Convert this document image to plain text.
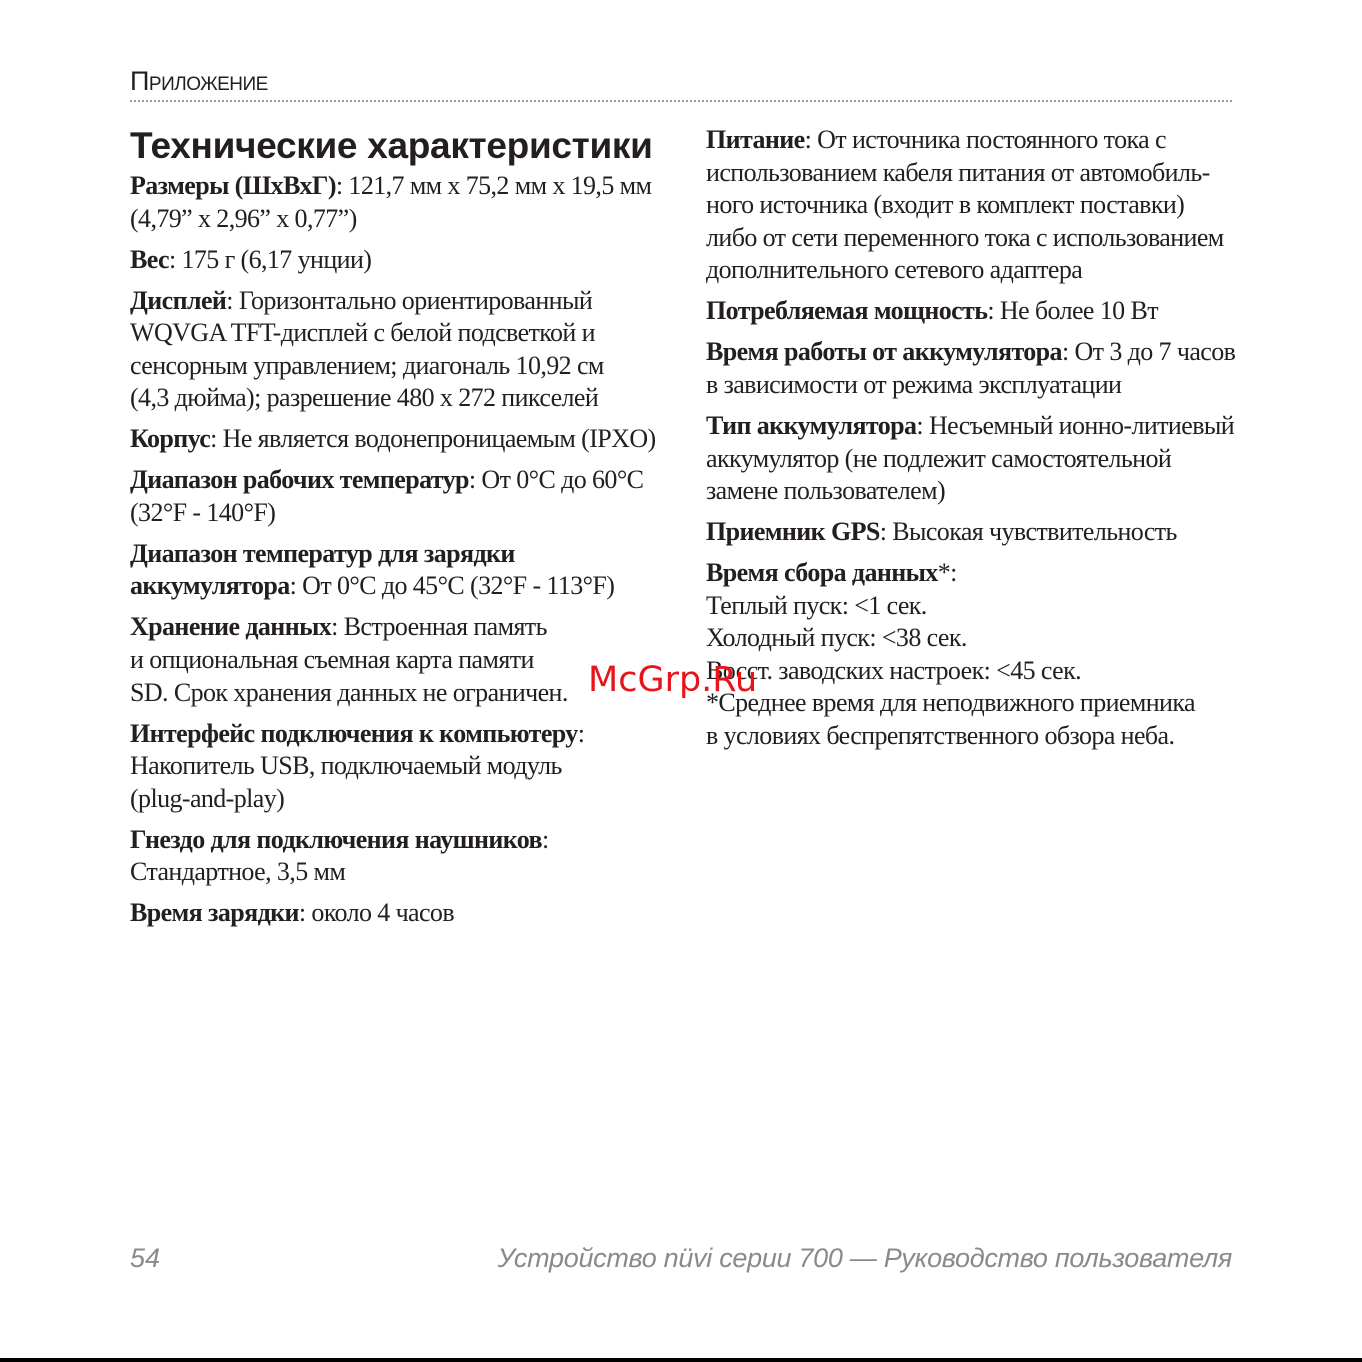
Приложение
Технические характеристики
Размеры (ШхВхГ): 121,7 мм x 75,2 мм x 19,5 мм
(4,79” x 2,96” x 0,77”)
Вес: 175 г (6,17 унции)
Дисплей: Горизонтально ориентированный
WQVGA TFT-дисплей с белой подсветкой и
сенсорным управлением; диагональ 10,92 см
(4,3 дюйма); разрешение 480 x 272 пикселей
Корпус: Не является водонепроницаемым (IPXO)
Диапазон рабочих температур: От 0°C до 60°C
(32°F - 140°F)
Диапазон температур для зарядки
аккумулятора: От 0°C до 45°C (32°F - 113°F)
Хранение данных: Встроенная память
и опциональная съемная карта памяти
SD. Срок хранения данных не ограничен.
Интерфейс подключения к компьютеру:
Накопитель USB, подключаемый модуль
(plug-and-play)
Гнездо для подключения наушников:
Стандартное, 3,5 мм
Время зарядки: около 4 часов
Питание: От источника постоянного тока с
использованием кабеля питания от автомобиль-
ного источника (входит в комплект поставки)
либо от сети переменного тока с использованием
дополнительного сетевого адаптера
Потребляемая мощность: Не более 10 Вт
Время работы от аккумулятора: От 3 до 7 часов
в зависимости от режима эксплуатации
Тип аккумулятора: Несъемный ионно-литиевый
аккумулятор (не подлежит самостоятельной
замене пользователем)
Приемник GPS: Высокая чувствительность
Время сбора данных*:
Теплый пуск: <1 сек.
Холодный пуск: <38 сек.
Восст. заводских настроек: <45 сек.
*Среднее время для неподвижного приемника
в условиях беспрепятственного обзора неба.
McGrp.Ru
54	Устройство nüvi серии 700 — Руководство пользователя
